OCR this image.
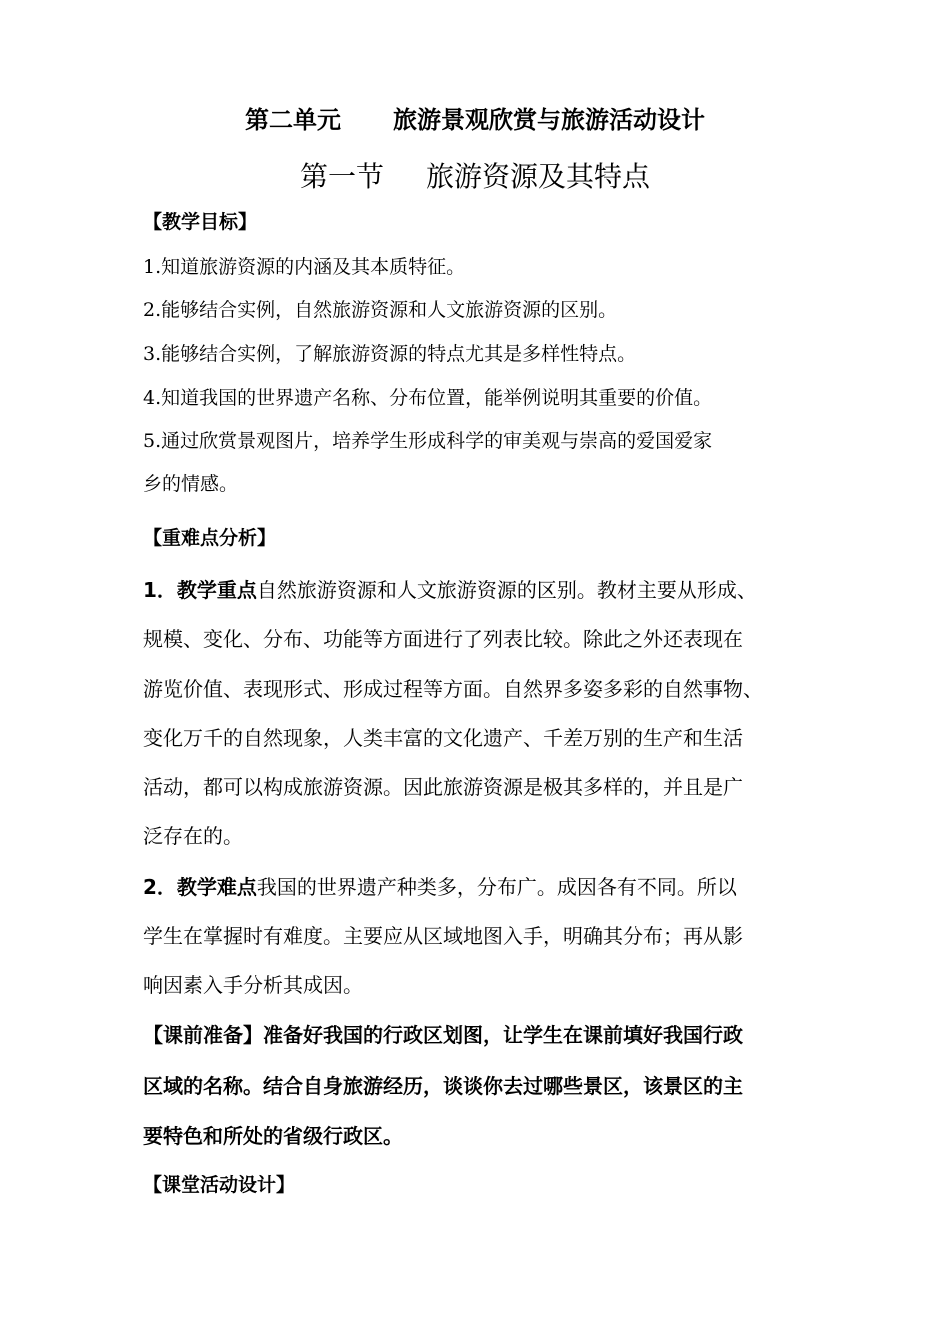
第二单元 旅游景观欣赏与旅游活动设计
第一节 旅游资源及其特点
【教学目标】
1.知道旅游资源的内涵及其本质特征。
2.能够结合实例，自然旅游资源和人文旅游资源的区别。
3.能够结合实例，了解旅游资源的特点尤其是多样性特点。
4.知道我国的世界遗产名称、分布位置，能举例说明其重要的价值。
5.通过欣赏景观图片，培养学生形成科学的审美观与崇高的爱国爱家
乡的情感。
【重难点分析】
1．教学重点自然旅游资源和人文旅游资源的区别。教材主要从形成、
规模、变化、分布、功能等方面进行了列表比较。除此之外还表现在
游览价值、表现形式、形成过程等方面。自然界多姿多彩的自然事物、
变化万千的自然现象，人类丰富的文化遗产、千差万别的生产和生活
活动，都可以构成旅游资源。因此旅游资源是极其多样的，并且是广
泛存在的。
2．教学难点我国的世界遗产种类多，分布广。成因各有不同。所以
学生在掌握时有难度。主要应从区域地图入手，明确其分布；再从影
响因素入手分析其成因。
【课前准备】准备好我国的行政区划图，让学生在课前填好我国行政
区域的名称。结合自身旅游经历，谈谈你去过哪些景区，该景区的主
要特色和所处的省级行政区。
【课堂活动设计】
